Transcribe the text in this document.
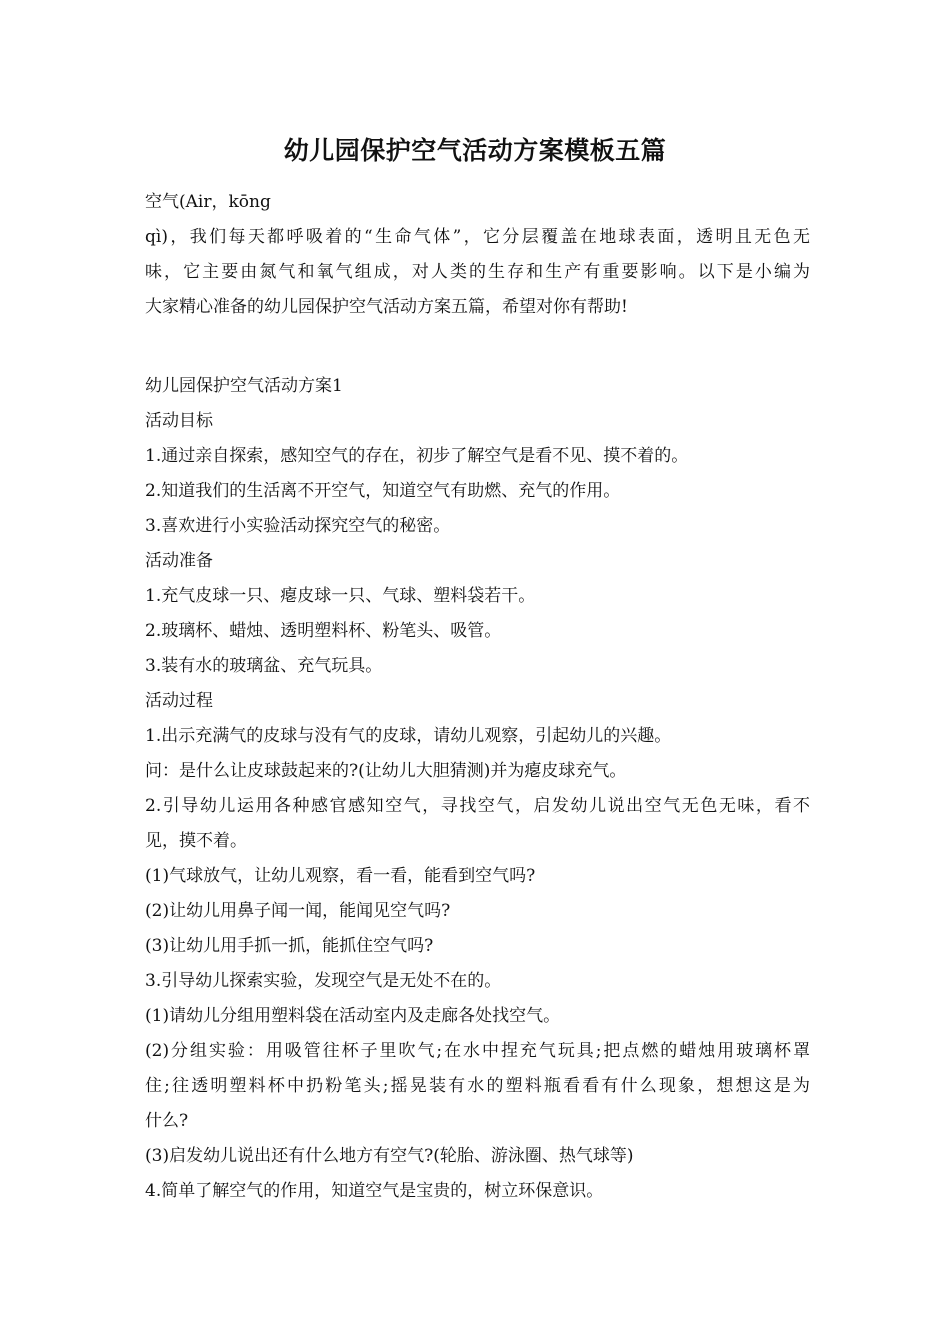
幼儿园保护空气活动方案模板五篇
空气(Air，kōng
qì)，我们每天都呼吸着的“生命气体”，它分层覆盖在地球表面，透明且无色无
味，它主要由氮气和氧气组成，对人类的生存和生产有重要影响。以下是小编为
大家精心准备的幼儿园保护空气活动方案五篇，希望对你有帮助!
幼儿园保护空气活动方案1
活动目标
1.通过亲自探索，感知空气的存在，初步了解空气是看不见、摸不着的。
2.知道我们的生活离不开空气，知道空气有助燃、充气的作用。
3.喜欢进行小实验活动探究空气的秘密。
活动准备
1.充气皮球一只、瘪皮球一只、气球、塑料袋若干。
2.玻璃杯、蜡烛、透明塑料杯、粉笔头、吸管。
3.装有水的玻璃盆、充气玩具。
活动过程
1.出示充满气的皮球与没有气的皮球，请幼儿观察，引起幼儿的兴趣。
问：是什么让皮球鼓起来的?(让幼儿大胆猜测)并为瘪皮球充气。
2.引导幼儿运用各种感官感知空气，寻找空气，启发幼儿说出空气无色无味，看不
见，摸不着。
(1)气球放气，让幼儿观察，看一看，能看到空气吗?
(2)让幼儿用鼻子闻一闻，能闻见空气吗?
(3)让幼儿用手抓一抓，能抓住空气吗?
3.引导幼儿探索实验，发现空气是无处不在的。
(1)请幼儿分组用塑料袋在活动室内及走廊各处找空气。
(2)分组实验：用吸管往杯子里吹气;在水中捏充气玩具;把点燃的蜡烛用玻璃杯罩
住;往透明塑料杯中扔粉笔头;摇晃装有水的塑料瓶看看有什么现象，想想这是为
什么?
(3)启发幼儿说出还有什么地方有空气?(轮胎、游泳圈、热气球等)
4.简单了解空气的作用，知道空气是宝贵的，树立环保意识。
